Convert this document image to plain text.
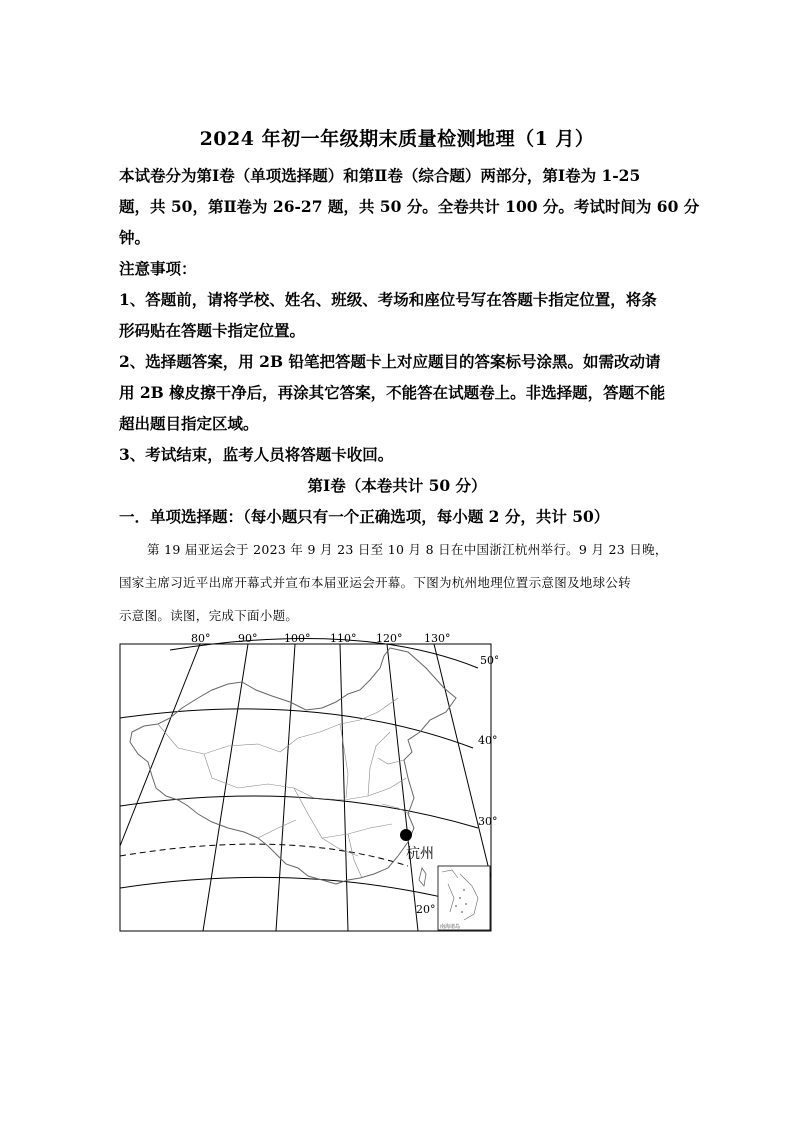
2024 年初一年级期末质量检测地理（1 月）
本试卷分为第Ⅰ卷（单项选择题）和第Ⅱ卷（综合题）两部分，第Ⅰ卷为 1-25
题，共 50，第Ⅱ卷为 26-27 题，共 50 分。全卷共计 100 分。考试时间为 60 分
钟。
注意事项：
1、答题前，请将学校、姓名、班级、考场和座位号写在答题卡指定位置，将条
形码贴在答题卡指定位置。
2、选择题答案，用 2B 铅笔把答题卡上对应题目的答案标号涂黑。如需改动请
用 2B 橡皮擦干净后，再涂其它答案，不能答在试题卷上。非选择题，答题不能
超出题目指定区域。
3、考试结束，监考人员将答题卡收回。
第Ⅰ卷（本卷共计 50 分）
一．单项选择题：（每小题只有一个正确选项，每小题 2 分，共计 50）
第 19 届亚运会于 2023 年 9 月 23 日至 10 月 8 日在中国浙江杭州举行。9 月 23 日晚，
国家主席习近平出席开幕式并宣布本届亚运会开幕。下图为杭州地理位置示意图及地球公转
示意图。读图，完成下面小题。
80°	90° 100° 110° 120° 130°
50°
40°
30°
20°
杭州
南海诸岛
